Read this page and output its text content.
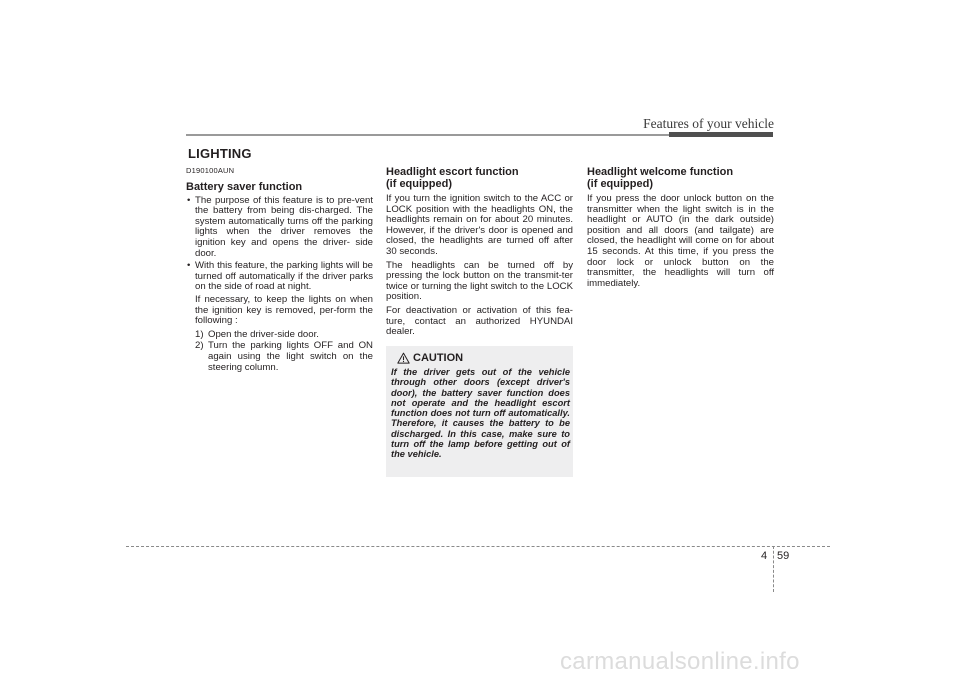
Features of your vehicle
LIGHTING
D190100AUN
Battery saver function
• The purpose of this feature is to pre-vent the battery from being dis-charged. The system automatically turns off the parking lights when the driver removes the ignition key and opens the driver- side door.
• With this feature, the parking lights will be turned off automatically if the driver parks on the side of road at night.

If necessary, to keep the lights on when the ignition key is removed, per-form the following :

1) Open the driver-side door.
2) Turn the parking lights OFF and ON again using the light switch on the steering column.
Headlight escort function
(if equipped)

If you turn the ignition switch to the ACC or LOCK position with the headlights ON, the headlights remain on for about 20 minutes. However, if the driver's door is opened and closed, the headlights are turned off after 30 seconds.

The headlights can be turned off by pressing the lock button on the transmit-ter twice or turning the light switch to the LOCK position.

For deactivation or activation of this fea-ture, contact an authorized HYUNDAI dealer.

CAUTION
If the driver gets out of the vehicle through other doors (except driver's door), the battery saver function does not operate and the headlight escort function does not turn off automatically. Therefore, it causes the battery to be discharged. In this case, make sure to turn off the lamp before getting out of the vehicle.
Headlight welcome function
(if equipped)

If you press the door unlock button on the transmitter when the light switch is in the headlight or AUTO (in the dark outside) position and all doors (and tailgate) are closed, the headlight will come on for about 15 seconds. At this time, if you press the door lock or unlock button on the transmitter, the headlights will turn off immediately.

4 59
carmanualsonline.info
